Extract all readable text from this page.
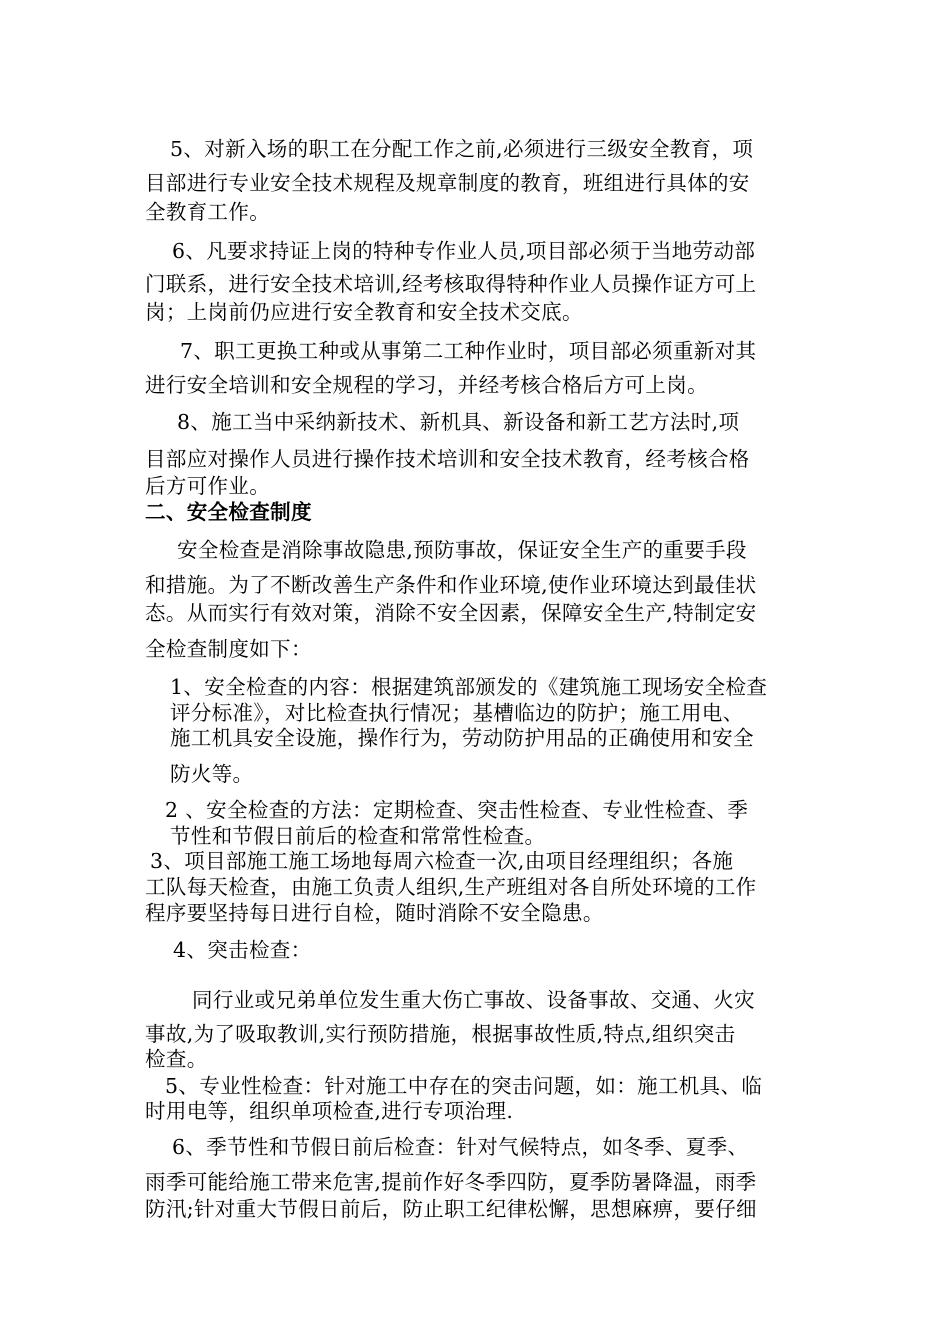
5、对新入场的职工在分配工作之前,必须进行三级安全教育，项
目部进行专业安全技术规程及规章制度的教育，班组进行具体的安
全教育工作。
6、凡要求持证上岗的特种专作业人员,项目部必须于当地劳动部
门联系，进行安全技术培训,经考核取得特种作业人员操作证方可上
岗；上岗前仍应进行安全教育和安全技术交底。
7、职工更换工种或从事第二工种作业时，项目部必须重新对其
进行安全培训和安全规程的学习，并经考核合格后方可上岗。
8、施工当中采纳新技术、新机具、新设备和新工艺方法时,项
目部应对操作人员进行操作技术培训和安全技术教育，经考核合格
后方可作业。
二、安全检查制度
安全检查是消除事故隐患,预防事故，保证安全生产的重要手段
和措施。为了不断改善生产条件和作业环境,使作业环境达到最佳状
态。从而实行有效对策，消除不安全因素，保障安全生产,特制定安
全检查制度如下：
1、安全检查的内容：根据建筑部颁发的《建筑施工现场安全检查
评分标准》，对比检查执行情况；基槽临边的防护；施工用电、
施工机具安全设施，操作行为，劳动防护用品的正确使用和安全
防火等。
2 、安全检查的方法：定期检查、突击性检查、专业性检查、季
节性和节假日前后的检查和常常性检查。
3、项目部施工施工场地每周六检查一次,由项目经理组织；各施
工队每天检查，由施工负责人组织,生产班组对各自所处环境的工作
程序要坚持每日进行自检，随时消除不安全隐患。
4、突击检查：
同行业或兄弟单位发生重大伤亡事故、设备事故、交通、火灾
事故,为了吸取教训,实行预防措施，根据事故性质,特点,组织突击
检查。
5、专业性检查：针对施工中存在的突击问题，如：施工机具、临
时用电等，组织单项检查,进行专项治理.
6、季节性和节假日前后检查：针对气候特点，如冬季、夏季、
雨季可能给施工带来危害,提前作好冬季四防，夏季防暑降温，雨季
防汛;针对重大节假日前后，防止职工纪律松懈，思想麻痹，要仔细
